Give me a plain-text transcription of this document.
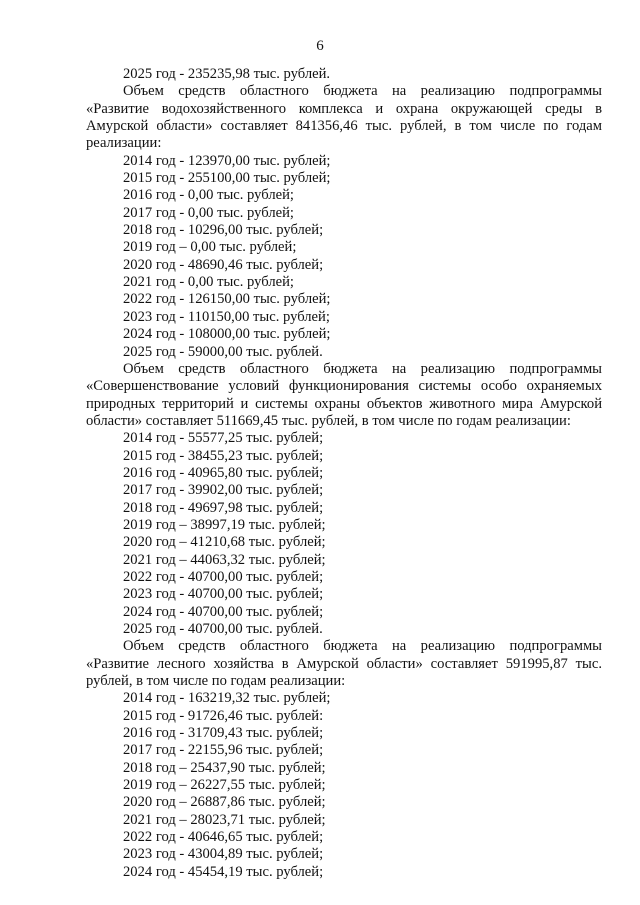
6
2025 год - 235235,98 тыс. рублей.
Объем средств областного бюджета на реализацию подпрограммы «Развитие водохозяйственного комплекса и охрана окружающей среды в Амурской области» составляет 841356,46 тыс. рублей, в том числе по годам реализации:
2014 год - 123970,00 тыс. рублей;
2015 год - 255100,00 тыс. рублей;
2016 год - 0,00 тыс. рублей;
2017 год - 0,00 тыс. рублей;
2018 год - 10296,00 тыс. рублей;
2019 год – 0,00 тыс. рублей;
2020 год - 48690,46 тыс. рублей;
2021 год - 0,00 тыс. рублей;
2022 год - 126150,00 тыс. рублей;
2023 год - 110150,00 тыс. рублей;
2024 год - 108000,00 тыс. рублей;
2025 год - 59000,00 тыс. рублей.
Объем средств областного бюджета на реализацию подпрограммы «Совершенствование условий функционирования системы особо охраняемых природных территорий и системы охраны объектов животного мира Амурской области» составляет 511669,45 тыс. рублей, в том числе по годам реализации:
2014 год - 55577,25 тыс. рублей;
2015 год - 38455,23 тыс. рублей;
2016 год - 40965,80 тыс. рублей;
2017 год - 39902,00 тыс. рублей;
2018 год - 49697,98 тыс. рублей;
2019 год – 38997,19 тыс. рублей;
2020 год – 41210,68 тыс. рублей;
2021 год – 44063,32 тыс. рублей;
2022 год - 40700,00 тыс. рублей;
2023 год - 40700,00 тыс. рублей;
2024 год - 40700,00 тыс. рублей;
2025 год - 40700,00 тыс. рублей.
Объем средств областного бюджета на реализацию подпрограммы «Развитие лесного хозяйства в Амурской области» составляет 591995,87 тыс. рублей, в том числе по годам реализации:
2014 год - 163219,32 тыс. рублей;
2015 год - 91726,46 тыс. рублей:
2016 год - 31709,43 тыс. рублей;
2017 год - 22155,96 тыс. рублей;
2018 год – 25437,90 тыс. рублей;
2019 год – 26227,55 тыс. рублей;
2020 год – 26887,86 тыс. рублей;
2021 год – 28023,71 тыс. рублей;
2022 год - 40646,65 тыс. рублей;
2023 год - 43004,89 тыс. рублей;
2024 год - 45454,19 тыс. рублей;
